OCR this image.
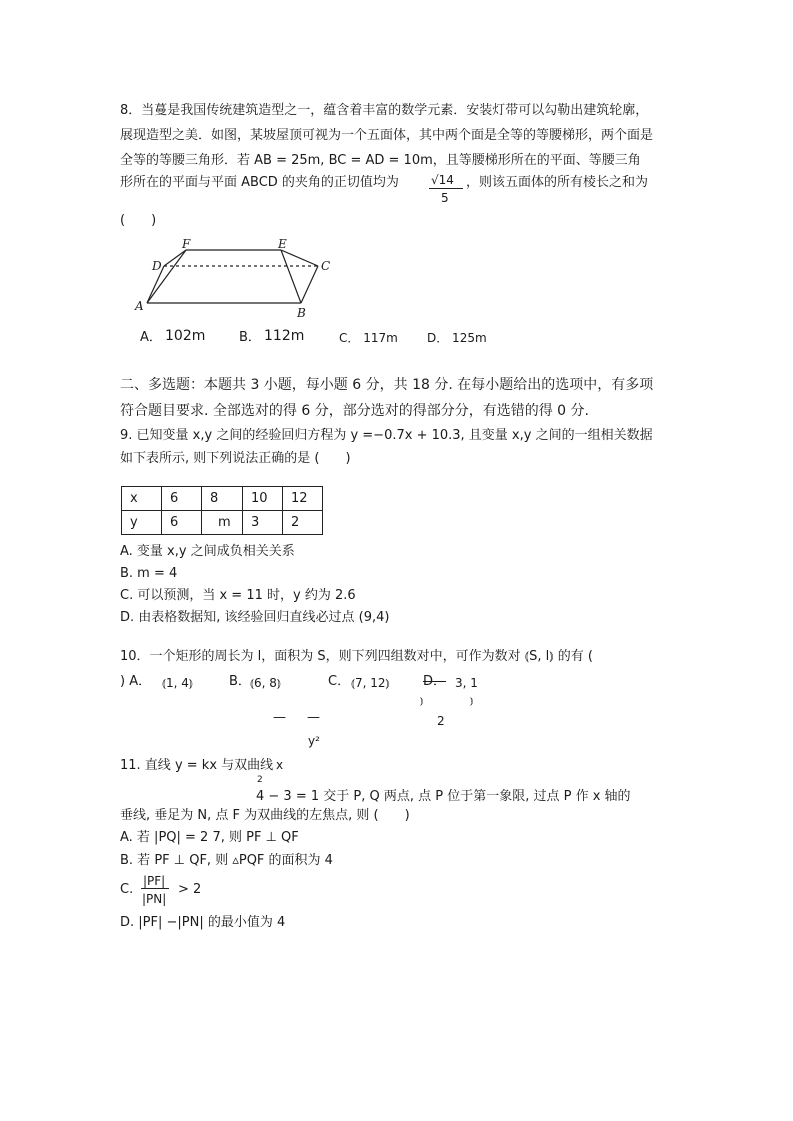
8．当蔓是我国传统建筑造型之一，蕴含着丰富的数学元素．安装灯带可以勾勒出建筑轮廓，
展现造型之美．如图，某坡屋顶可视为一个五面体，其中两个面是全等的等腰梯形，两个面是
全等的等腰三角形．若 AB = 25m, BC = AD = 10m，且等腰梯形所在的平面、等腰三角
形所在的平面与平面 ABCD 的夹角的正切值均为	√14
5
，则该五面体的所有棱长之和为
(　　)
F	E
D	C
A	B
A． 102m	B． 112m	C． 117m D． 125m
二、多选题：本题共 3 小题，每小题 6 分，共 18 分. 在每小题给出的选项中，有多项
符合题目要求. 全部选对的得 6 分，部分选对的得部分分，有选错的得 0 分.
9. 已知变量 x,y 之间的经验回归方程为 y =−0.7x + 10.3, 且变量 x,y 之间的一组相关数据
如下表所示, 则下列说法正确的是 (　　)
x	6	8	10	12
y	6	m	3	2
A. 变量 x,y 之间成负相关关系
B. m = 4
C. 可以预测，当 x = 11 时，y 约为 2.6
D. 由表格数据知, 该经验回归直线必过点 (9,4)
10．一个矩形的周长为 l，面积为 S，则下列四组数对中，可作为数对 ⦅S, l⦆ 的有 (
) A． ⦅1, 4⦆	B． ⦅6, 8⦆	C． ⦅7, 12⦆	D． 3, 1
⦆	⦆
2
— —
y²
11. 直线 y = kx 与双曲线 x
2
4 − 3 = 1 交于 P, Q 两点, 点 P 位于第一象限, 过点 P 作 x 轴的
垂线, 垂足为 N, 点 F 为双曲线的左焦点, 则 (　　)
A. 若 |PQ| = 2 7, 则 PF ⊥ QF
B. 若 PF ⊥ QF, 则 ▵PQF 的面积为 4
C.
|PF|
|PN|
> 2
D. |PF| −|PN| 的最小值为 4
